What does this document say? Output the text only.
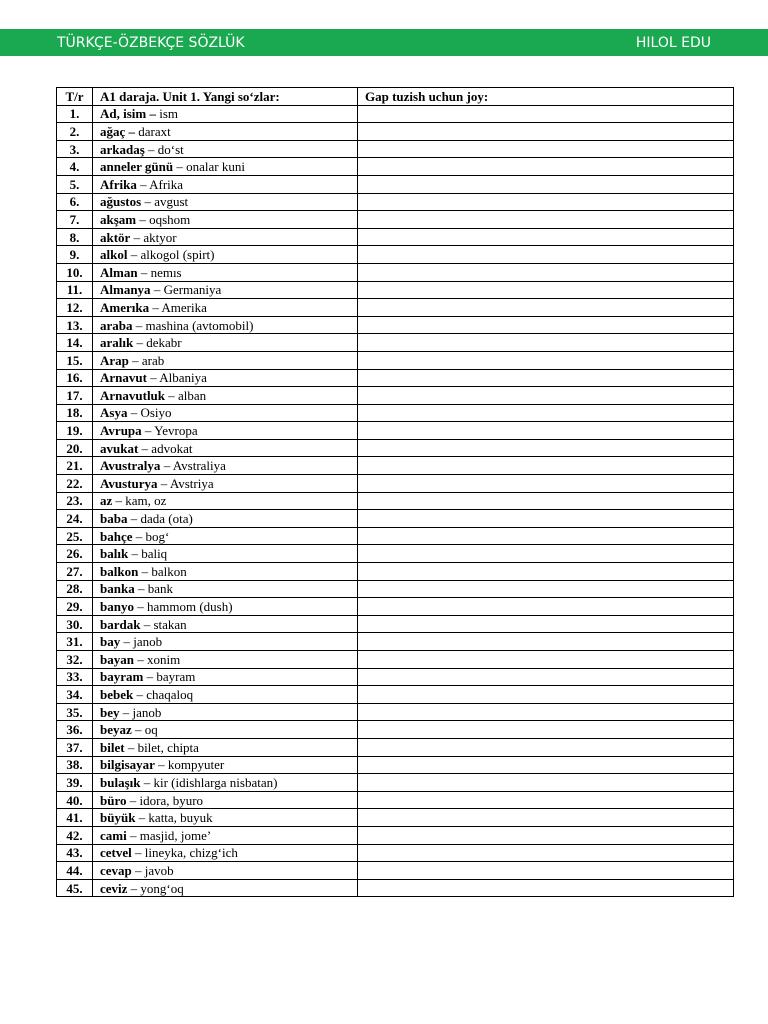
TÜRKÇE-ÖZBEKÇE SÖZLÜK	HILOL EDU
T/r	A1 daraja. Unit 1. Yangi so‘zlar:	Gap tuzish uchun joy:
1.	Ad, isim – ism	
2.	ağaç – daraxt	
3.	arkadaş – do‘st	
4.	anneler günü – onalar kuni	
5.	Afrika – Afrika	
6.	ağustos – avgust	
7.	akşam – oqshom	
8.	aktör – aktyor	
9.	alkol – alkogol (spirt)	
10.	Alman – nemıs	
11.	Almanya – Germaniya	
12.	Amerıka – Amerika	
13.	araba – mashina (avtomobil)	
14.	aralık – dekabr	
15.	Arap – arab	
16.	Arnavut – Albaniya	
17.	Arnavutluk – alban	
18.	Asya – Osiyo	
19.	Avrupa – Yevropa	
20.	avukat – advokat	
21.	Avustralya – Avstraliya	
22.	Avusturya – Avstriya	
23.	az – kam, oz	
24.	baba – dada (ota)	
25.	bahçe – bog‘	
26.	balık – baliq	
27.	balkon – balkon	
28.	banka – bank	
29.	banyo – hammom (dush)	
30.	bardak – stakan	
31.	bay – janob	
32.	bayan – xonim	
33.	bayram – bayram	
34.	bebek – chaqaloq	
35.	bey – janob	
36.	beyaz – oq	
37.	bilet – bilet, chipta	
38.	bilgisayar – kompyuter	
39.	bulaşık – kir (idishlarga nisbatan)	
40.	büro – idora, byuro	
41.	büyük – katta, buyuk	
42.	cami – masjid, jome’	
43.	cetvel – lineyka, chizg‘ich	
44.	cevap – javob	
45.	ceviz – yong‘oq	
